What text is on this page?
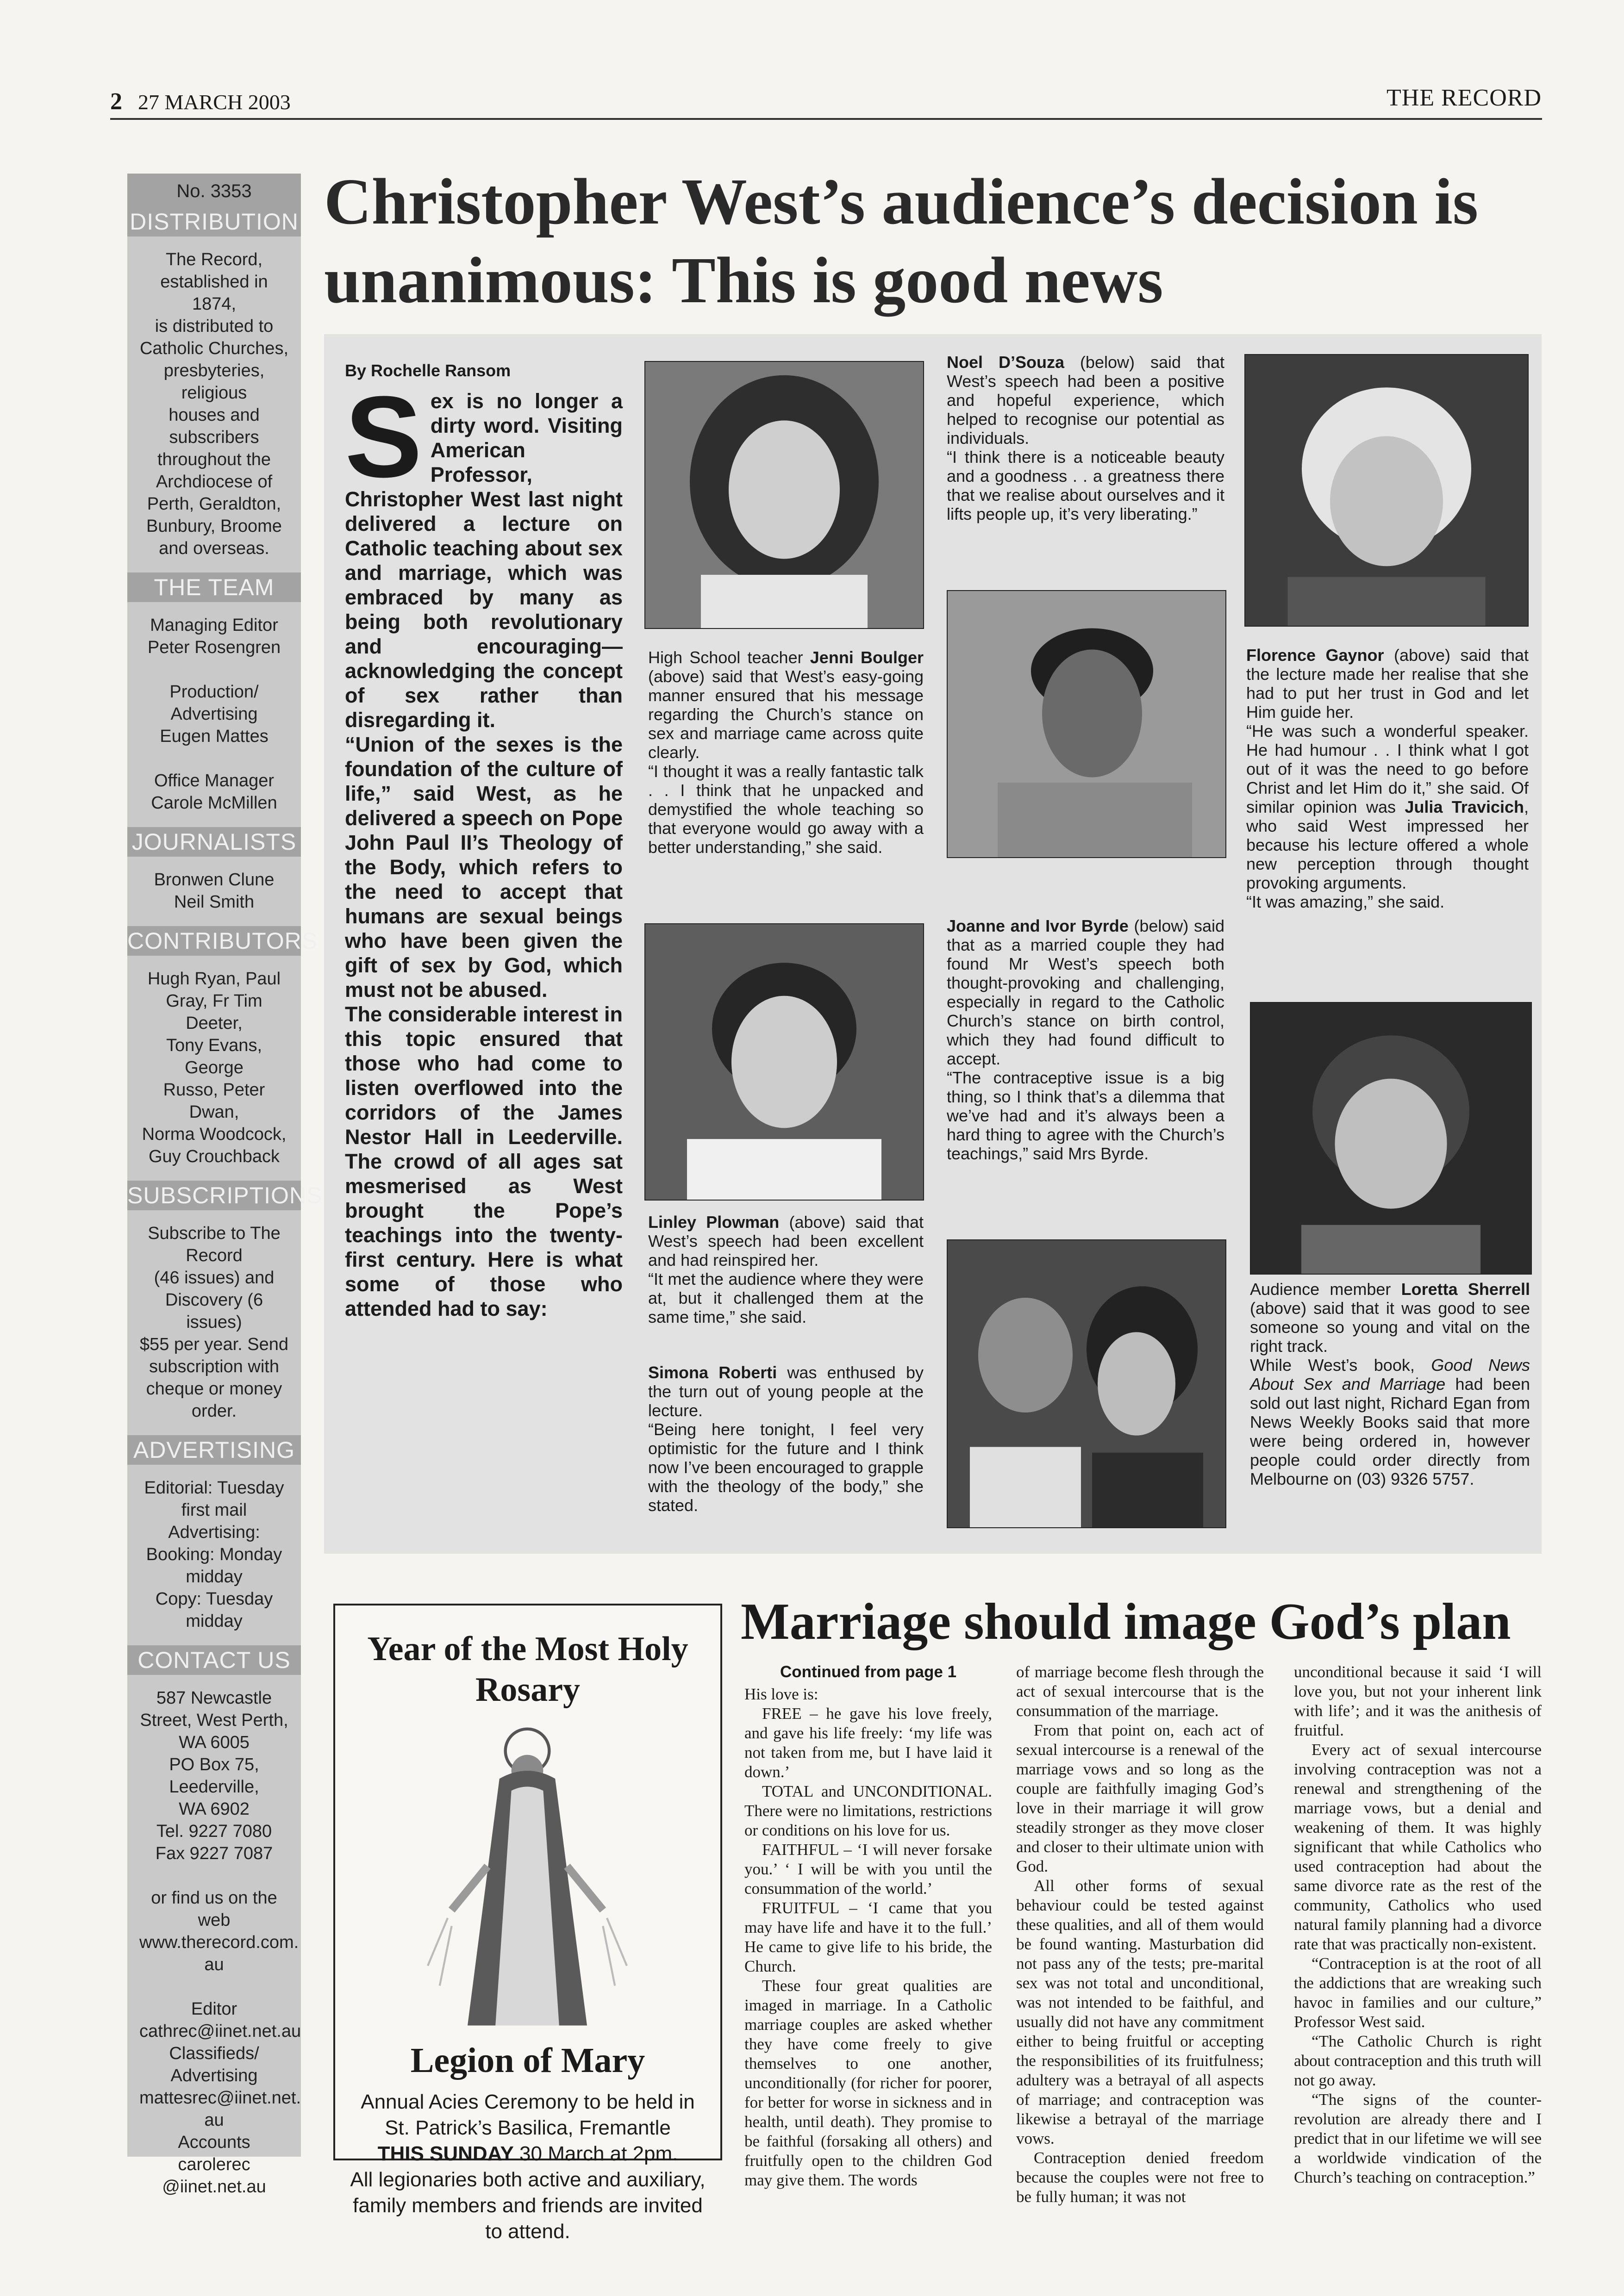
2 27 MARCH 2003	THE RECORD
No. 3353
DISTRIBUTION
The Record,
established in 1874,
is distributed to
Catholic Churches,
presbyteries,
religious
houses and
subscribers
throughout the
Archdiocese of
Perth, Geraldton,
Bunbury, Broome
and overseas.
THE TEAM
Managing Editor
Peter Rosengren

Production/
Advertising
Eugen Mattes

Office Manager
Carole McMillen
JOURNALISTS
Bronwen Clune
Neil Smith
CONTRIBUTORS
Hugh Ryan, Paul
Gray, Fr Tim Deeter,
Tony Evans, George
Russo, Peter Dwan,
Norma Woodcock,
Guy Crouchback
SUBSCRIPTIONS
Subscribe to The
Record
(46 issues) and
Discovery (6 issues)
$55 per year. Send
subscription with
cheque or money
order.
ADVERTISING
Editorial: Tuesday
first mail
Advertising:
Booking: Monday
midday
Copy: Tuesday
midday
CONTACT US
587 Newcastle
Street, West Perth,
WA 6005
PO Box 75,
Leederville,
WA 6902
Tel. 9227 7080
Fax 9227 7087

or find us on the web
www.therecord.com.
au

Editor
cathrec@iinet.net.au
Classifieds/
Advertising
mattesrec@iinet.net.
au
Accounts carolerec
@iinet.net.au
Christopher West’s audience’s decision is unanimous: This is good news
By Rochelle Ransom

Sex is no longer a dirty word. Visiting American Professor, Christopher West last night delivered a lecture on Catholic teaching about sex and marriage, which was embraced by many as being both revolutionary and encouraging—acknowledging the concept of sex rather than disregarding it.
“Union of the sexes is the foundation of the culture of life,” said West, as he delivered a speech on Pope John Paul II’s Theology of the Body, which refers to the need to accept that humans are sexual beings who have been given the gift of sex by God, which must not be abused.
The considerable interest in this topic ensured that those who had come to listen overflowed into the corridors of the James Nestor Hall in Leederville. The crowd of all ages sat mesmerised as West brought the Pope’s teachings into the twenty-first century. Here is what some of those who attended had to say:

High School teacher Jenni Boulger (above) said that West’s easy-going manner ensured that his message regarding the Church’s stance on sex and marriage came across quite clearly.
“I thought it was a really fantastic talk . . I think that he unpacked and demystified the whole teaching so that everyone would go away with a better understanding,” she said.

Linley Plowman (above) said that West’s speech had been excellent and had reinspired her.
“It met the audience where they were at, but it challenged them at the same time,” she said.

Simona Roberti was enthused by the turn out of young people at the lecture.
“Being here tonight, I feel very optimistic for the future and I think now I’ve been encouraged to grapple with the theology of the body,” she stated.

Noel D’Souza (below) said that West’s speech had been a positive and hopeful experience, which helped to recognise our potential as individuals.
“I think there is a noticeable beauty and a goodness . . a greatness there that we realise about ourselves and it lifts people up, it’s very liberating.”

Joanne and Ivor Byrde (below) said that as a married couple they had found Mr West’s speech both thought-provoking and challenging, especially in regard to the Catholic Church’s stance on birth control, which they had found difficult to accept.
“The contraceptive issue is a big thing, so I think that’s a dilemma that we’ve had and it’s always been a hard thing to agree with the Church’s teachings,” said Mrs Byrde.

Florence Gaynor (above) said that the lecture made her realise that she had to put her trust in God and let Him guide her.
“He was such a wonderful speaker. He had humour . . I think what I got out of it was the need to go before Christ and let Him do it,” she said. Of similar opinion was Julia Travicich, who said West impressed her because his lecture offered a whole new perception through thought provoking arguments.
“It was amazing,” she said.

Audience member Loretta Sherrell (above) said that it was good to see someone so young and vital on the right track.
While West’s book, Good News About Sex and Marriage had been sold out last night, Richard Egan from News Weekly Books said that more were being ordered in, however people could order directly from Melbourne on (03) 9326 5757.

Year of the Most Holy Rosary
Legion of Mary
Annual Acies Ceremony to be held in St. Patrick’s Basilica, Fremantle
THIS SUNDAY 30 March at 2pm.
All legionaries both active and auxiliary, family members and friends are invited to attend.
Marriage should image God’s plan
Continued from page 1

His love is:

FREE – he gave his love freely, and gave his life freely: ‘my life was not taken from me, but I have laid it down.’

TOTAL and UNCONDITIONAL. There were no limitations, restrictions or conditions on his love for us.

FAITHFUL – ‘I will never forsake you.’ ‘ I will be with you until the consummation of the world.’

FRUITFUL – ‘I came that you may have life and have it to the full.’ He came to give life to his bride, the Church.

These four great qualities are imaged in marriage. In a Catholic marriage couples are asked whether they have come freely to give themselves to one another, unconditionally (for richer for poorer, for better for worse in sickness and in health, until death). They promise to be faithful (forsaking all others) and fruitfully open to the children God may give them. The words

of marriage become flesh through the act of sexual intercourse that is the consummation of the marriage.

From that point on, each act of sexual intercourse is a renewal of the marriage vows and so long as the couple are faithfully imaging God’s love in their marriage it will grow steadily stronger as they move closer and closer to their ultimate union with God.

All other forms of sexual behaviour could be tested against these qualities, and all of them would be found wanting. Masturbation did not pass any of the tests; pre-marital sex was not total and unconditional, was not intended to be faithful, and usually did not have any commitment either to being fruitful or accepting the responsibilities of its fruitfulness; adultery was a betrayal of all aspects of marriage; and contraception was likewise a betrayal of the marriage vows.

Contraception denied freedom because the couples were not free to be fully human; it was not

unconditional because it said ‘I will love you, but not your inherent link with life’; and it was the anithesis of fruitful.

Every act of sexual intercourse involving contraception was not a renewal and strengthening of the marriage vows, but a denial and weakening of them. It was highly significant that while Catholics who used contraception had about the same divorce rate as the rest of the community, Catholics who used natural family planning had a divorce rate that was practically non-existent.

“Contraception is at the root of all the addictions that are wreaking such havoc in families and our culture,” Professor West said.

“The Catholic Church is right about contraception and this truth will not go away.

“The signs of the counter-revolution are already there and I predict that in our lifetime we will see a worldwide vindication of the Church’s teaching on contraception.”
